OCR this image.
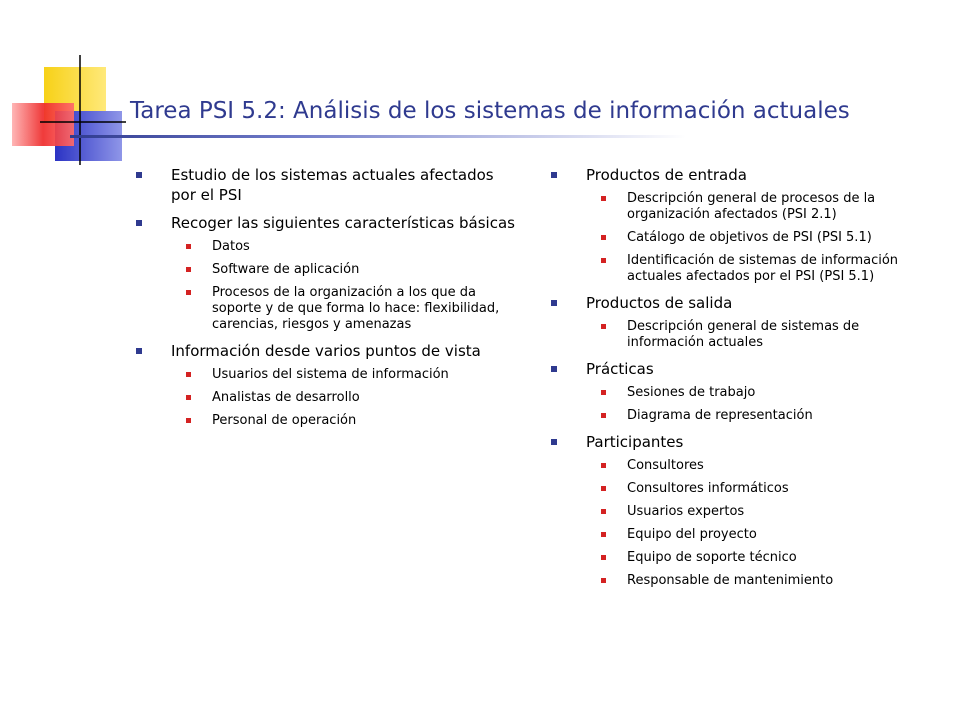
Tarea PSI 5.2: Análisis de los sistemas de información actuales
Estudio de los sistemas actuales afectados por el PSI
Recoger las siguientes características básicas
Datos
Software de aplicación
Procesos de la organización a los que da soporte y de que forma lo hace: flexibilidad, carencias, riesgos y amenazas
Información desde varios puntos de vista
Usuarios del sistema de información
Analistas de desarrollo
Personal de operación
Productos de entrada
Descripción general de procesos de la organización afectados (PSI 2.1)
Catálogo de objetivos de PSI (PSI 5.1)
Identificación de sistemas de información actuales afectados por el PSI (PSI 5.1)
Productos de salida
Descripción general de sistemas de información actuales
Prácticas
Sesiones de trabajo
Diagrama de representación
Participantes
Consultores
Consultores informáticos
Usuarios expertos
Equipo del proyecto
Equipo de soporte técnico
Responsable de mantenimiento
